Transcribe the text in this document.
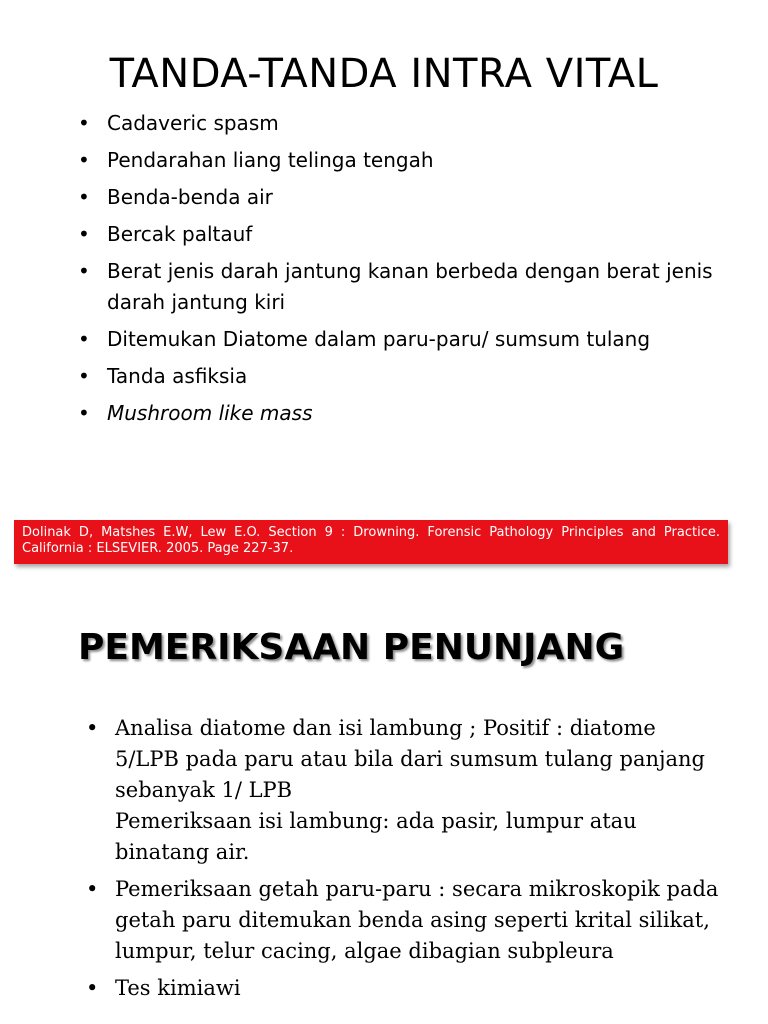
TANDA-TANDA INTRA VITAL
• Cadaveric spasm
• Pendarahan liang telinga tengah
• Benda-benda air
• Bercak paltauf
• Berat jenis darah jantung kanan berbeda dengan berat jenis darah jantung kiri
• Ditemukan Diatome dalam paru-paru/ sumsum tulang
• Tanda asfiksia
• Mushroom like mass
Dolinak D, Matshes E.W, Lew E.O. Section 9 : Drowning. Forensic Pathology Principles and Practice. California : ELSEVIER. 2005. Page 227-37.
PEMERIKSAAN PENUNJANG
• Analisa diatome dan isi lambung ; Positif : diatome 5/LPB pada paru atau bila dari sumsum tulang panjang sebanyak 1/ LPB
Pemeriksaan isi lambung: ada pasir, lumpur atau binatang air.
• Pemeriksaan getah paru-paru : secara mikroskopik pada getah paru ditemukan benda asing seperti krital silikat, lumpur, telur cacing, algae dibagian subpleura
• Tes kimiawi
